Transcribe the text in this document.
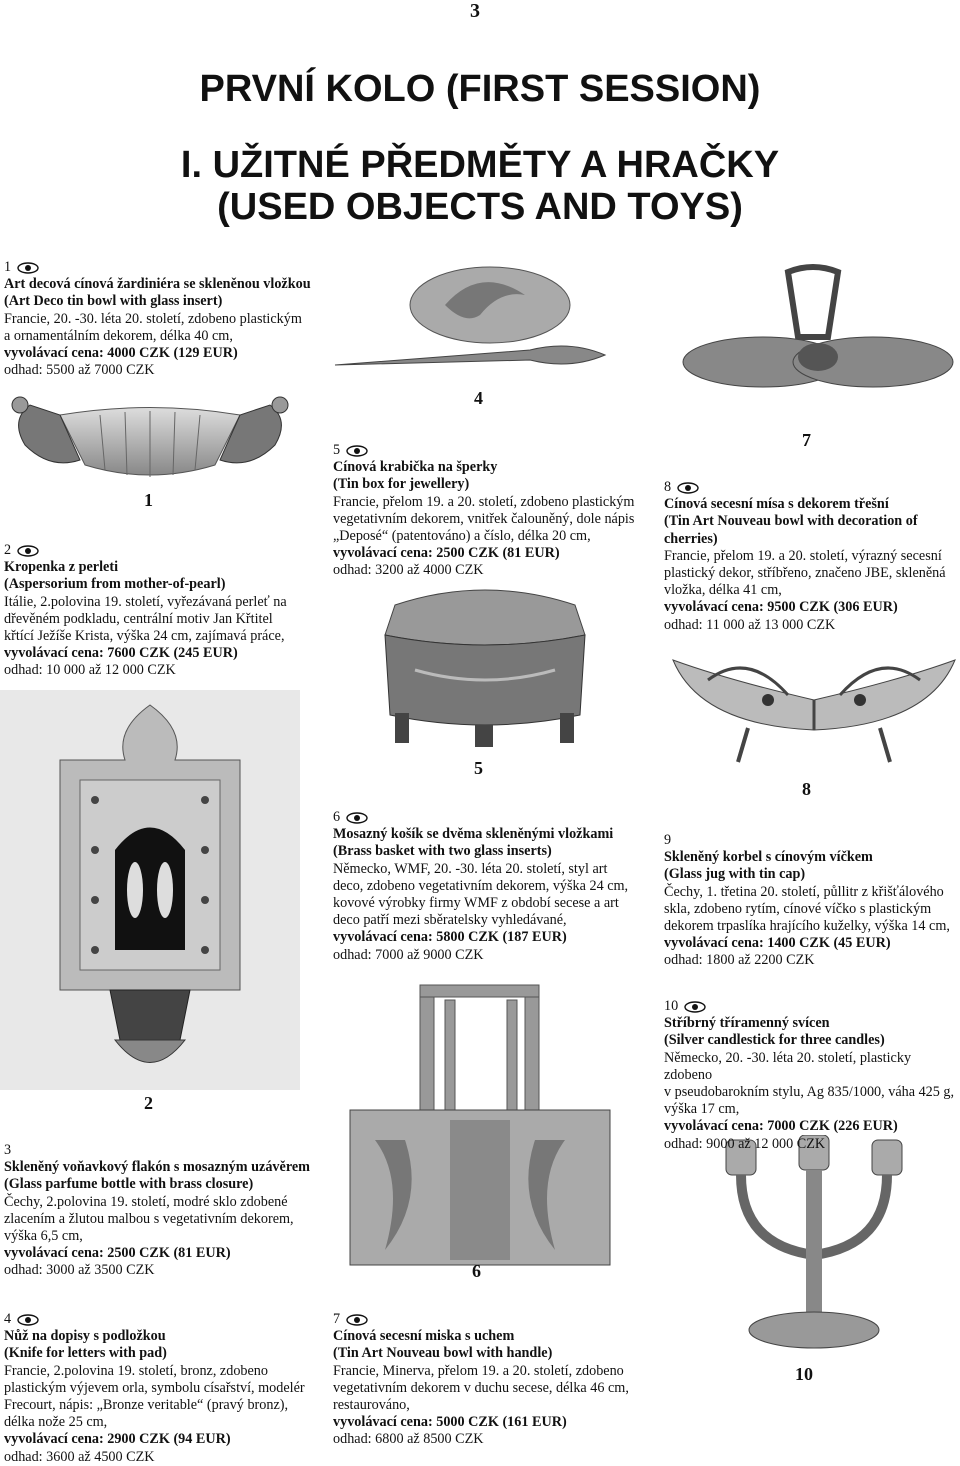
3
PRVNÍ KOLO (FIRST SESSION)
I. UŽITNÉ PŘEDMĚTY A HRAČKY
(USED OBJECTS AND TOYS)
1
2
4
5
6
7
8
10
1
Art decová cínová žardiniéra se skleněnou vložkou
(Art Deco tin bowl with glass insert)
Francie, 20. -30. léta 20. století, zdobeno plastickým
a ornamentálním dekorem, délka 40 cm,
vyvolávací cena: 4000 CZK (129 EUR)
odhad: 5500 až 7000 CZK
2
Kropenka z perleti
(Aspersorium from mother-of-pearl)
Itálie, 2.polovina 19. století, vyřezávaná perleť na
dřevěném podkladu, centrální motiv Jan Křtitel
křtící Ježíše Krista, výška 24 cm, zajímavá práce,
vyvolávací cena: 7600 CZK (245 EUR)
odhad: 10 000 až 12 000 CZK
3
Skleněný voňavkový flakón s mosazným uzávěrem
(Glass parfume bottle with brass closure)
Čechy, 2.polovina 19. století, modré sklo zdobené
zlacením a žlutou malbou s vegetativním dekorem,
výška 6,5 cm,
vyvolávací cena: 2500 CZK (81 EUR)
odhad: 3000 až 3500 CZK
4
Nůž na dopisy s podložkou
(Knife for letters with pad)
Francie, 2.polovina 19. století, bronz, zdobeno
plastickým výjevem orla, symbolu císařství, modelér
Frecourt, nápis: „Bronze veritable“ (pravý bronz),
délka nože 25 cm,
vyvolávací cena: 2900 CZK (94 EUR)
odhad: 3600 až 4500 CZK
5
Cínová krabička na šperky
(Tin box for jewellery)
Francie, přelom 19. a 20. století, zdobeno plastickým
vegetativním dekorem, vnitřek čalouněný, dole nápis
„Deposé“ (patentováno) a číslo, délka 20 cm,
vyvolávací cena: 2500 CZK (81 EUR)
odhad: 3200 až 4000 CZK
6
Mosazný košík se dvěma skleněnými vložkami
(Brass basket with two glass inserts)
Německo, WMF, 20. -30. léta 20. století, styl art
deco, zdobeno vegetativním dekorem, výška 24 cm,
kovové výrobky firmy WMF z období secese a art
deco patří mezi sběratelsky vyhledávané,
vyvolávací cena: 5800 CZK (187 EUR)
odhad: 7000 až 9000 CZK
7
Cínová secesní miska s uchem
(Tin Art Nouveau bowl with handle)
Francie, Minerva, přelom 19. a 20. století, zdobeno
vegetativním dekorem v duchu secese, délka 46 cm,
restaurováno,
vyvolávací cena: 5000 CZK (161 EUR)
odhad: 6800 až 8500 CZK
8
Cínová secesní mísa s dekorem třešní
(Tin Art Nouveau bowl with decoration of cherries)
Francie, přelom 19. a 20. století, výrazný secesní
plastický dekor, stříbřeno, značeno JBE, skleněná
vložka, délka 41 cm,
vyvolávací cena: 9500 CZK (306 EUR)
odhad: 11 000 až 13 000 CZK
9
Skleněný korbel s cínovým víčkem
(Glass jug with tin cap)
Čechy, 1. třetina 20. století, půllitr z křišťálového
skla, zdobeno rytím, cínové víčko s plastickým
dekorem trpaslíka hrajícího kuželky, výška 14 cm,
vyvolávací cena: 1400 CZK (45 EUR)
odhad: 1800 až 2200 CZK
10
Stříbrný tříramenný svícen
(Silver candlestick for three candles)
Německo, 20. -30. léta 20. století, plasticky zdobeno
v pseudobarokním stylu, Ag 835/1000, váha 425 g,
výška 17 cm,
vyvolávací cena: 7000 CZK (226 EUR)
odhad: 9000 až 12 000 CZK
